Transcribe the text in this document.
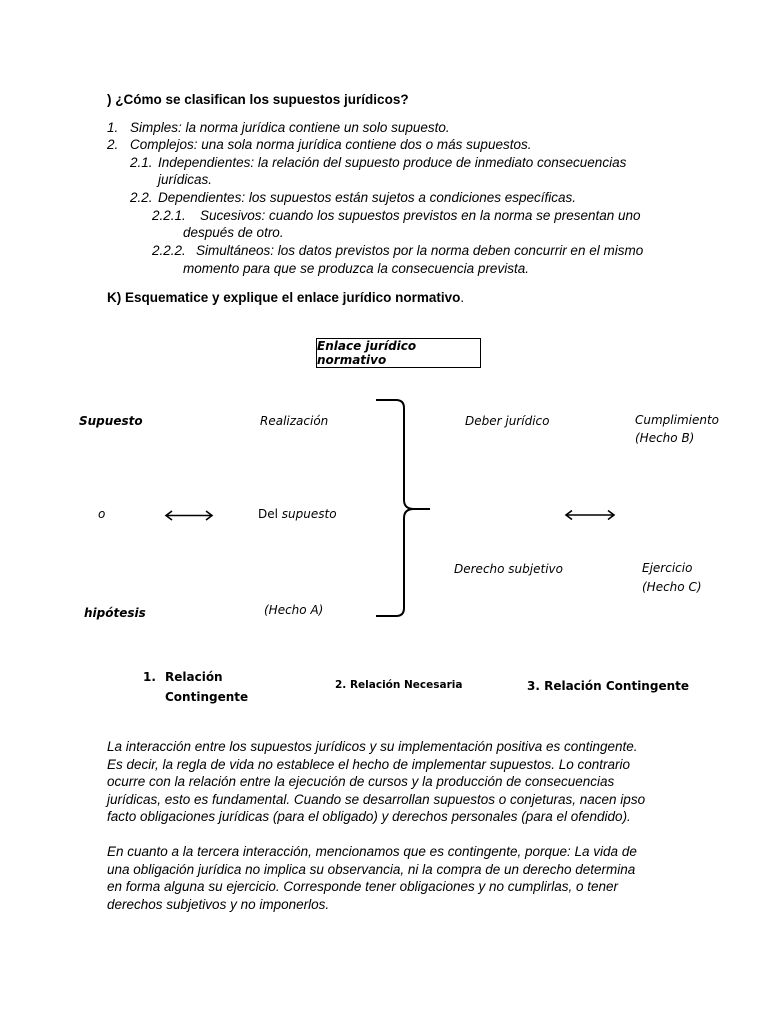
) ¿Cómo se clasifican los supuestos jurídicos?
1. Simples: la norma jurídica contiene un solo supuesto.
2. Complejos: una sola norma jurídica contiene dos o más supuestos.
2.1. Independientes: la relación del supuesto produce de inmediato consecuencias
jurídicas.
2.2. Dependientes: los supuestos están sujetos a condiciones específicas.
2.2.1. Sucesivos: cuando los supuestos previstos en la norma se presentan uno
después de otro.
2.2.2. Simultáneos: los datos previstos por la norma deben concurrir en el mismo
momento para que se produzca la consecuencia prevista.
K) Esquematice y explique el enlace jurídico normativo.
Enlace jurídico normativo
Supuesto
o
hipótesis
Realización
Del supuesto
(Hecho A)
Deber jurídico
Derecho subjetivo
Cumplimiento
(Hecho B)
Ejercicio
(Hecho C)
1. Relación
Contingente
2. Relación Necesaria	3. Relación Contingente
La interacción entre los supuestos jurídicos y su implementación positiva es contingente.
Es decir, la regla de vida no establece el hecho de implementar supuestos. Lo contrario
ocurre con la relación entre la ejecución de cursos y la producción de consecuencias
jurídicas, esto es fundamental. Cuando se desarrollan supuestos o conjeturas, nacen ipso
facto obligaciones jurídicas (para el obligado) y derechos personales (para el ofendido).
En cuanto a la tercera interacción, mencionamos que es contingente, porque: La vida de
una obligación jurídica no implica su observancia, ni la compra de un derecho determina
en forma alguna su ejercicio. Corresponde tener obligaciones y no cumplirlas, o tener
derechos subjetivos y no imponerlos.
